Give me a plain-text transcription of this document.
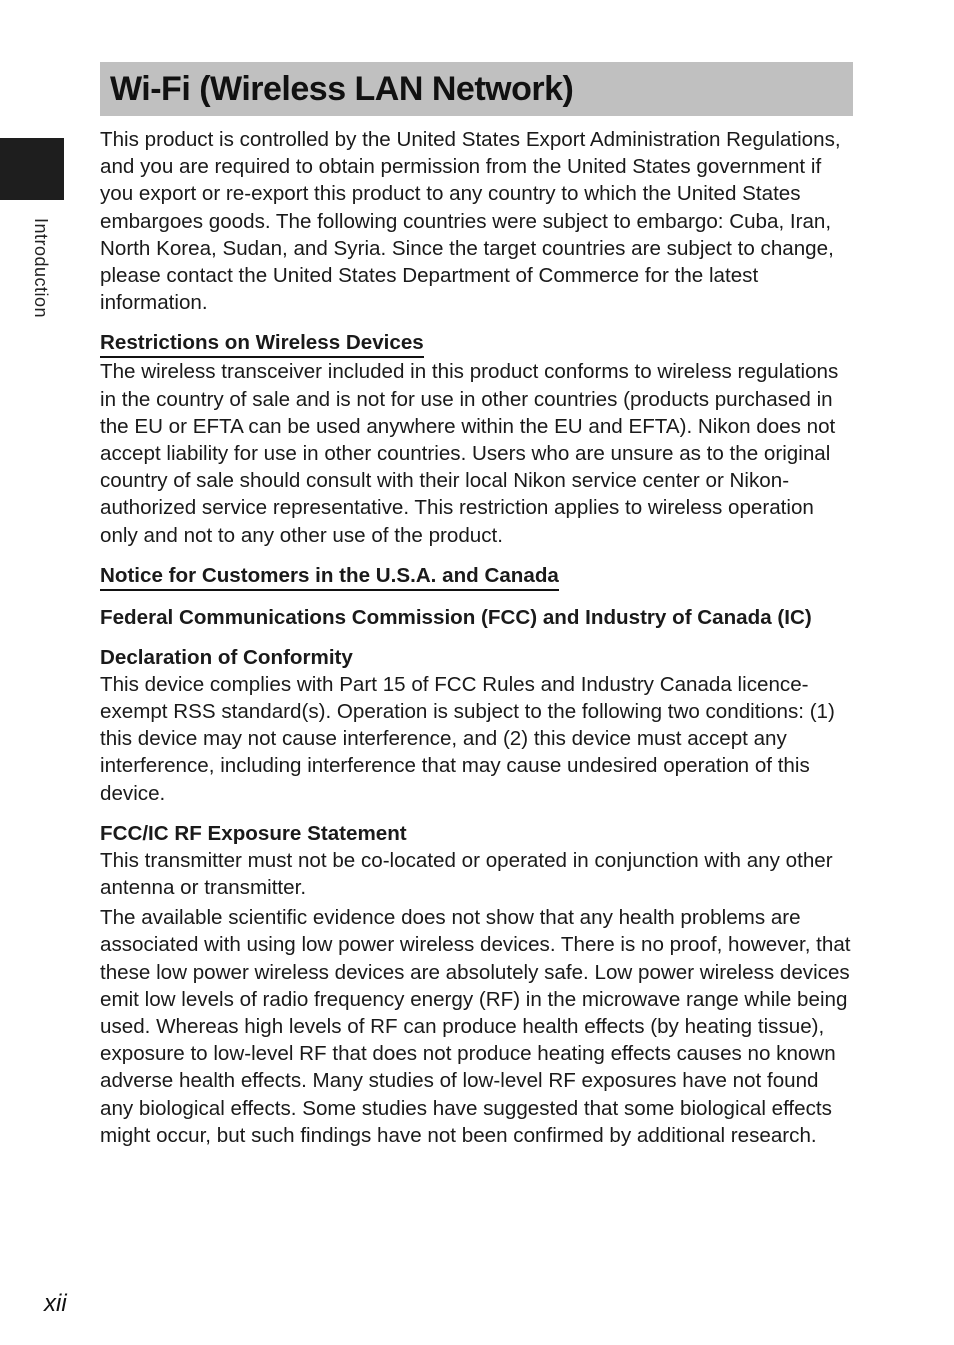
Wi-Fi (Wireless LAN Network)
Introduction

This product is controlled by the United States Export Administration Regulations, and you are required to obtain permission from the United States government if you export or re-export this product to any country to which the United States embargoes goods. The following countries were subject to embargo: Cuba, Iran, North Korea, Sudan, and Syria. Since the target countries are subject to change, please contact the United States Department of Commerce for the latest information.

Restrictions on Wireless Devices

The wireless transceiver included in this product conforms to wireless regulations in the country of sale and is not for use in other countries (products purchased in the EU or EFTA can be used anywhere within the EU and EFTA). Nikon does not accept liability for use in other countries. Users who are unsure as to the original country of sale should consult with their local Nikon service center or Nikon-authorized service representative. This restriction applies to wireless operation only and not to any other use of the product.

Notice for Customers in the U.S.A. and Canada
Federal Communications Commission (FCC) and Industry of Canada (IC)
Declaration of Conformity

This device complies with Part 15 of FCC Rules and Industry Canada licence-exempt RSS standard(s). Operation is subject to the following two conditions: (1) this device may not cause interference, and (2) this device must accept any interference, including interference that may cause undesired operation of this device.

FCC/IC RF Exposure Statement

This transmitter must not be co-located or operated in conjunction with any other antenna or transmitter.

The available scientific evidence does not show that any health problems are associated with using low power wireless devices. There is no proof, however, that these low power wireless devices are absolutely safe. Low power wireless devices emit low levels of radio frequency energy (RF) in the microwave range while being used. Whereas high levels of RF can produce health effects (by heating tissue), exposure to low-level RF that does not produce heating effects causes no known adverse health effects. Many studies of low-level RF exposures have not found any biological effects. Some studies have suggested that some biological effects might occur, but such findings have not been confirmed by additional research.

xii
